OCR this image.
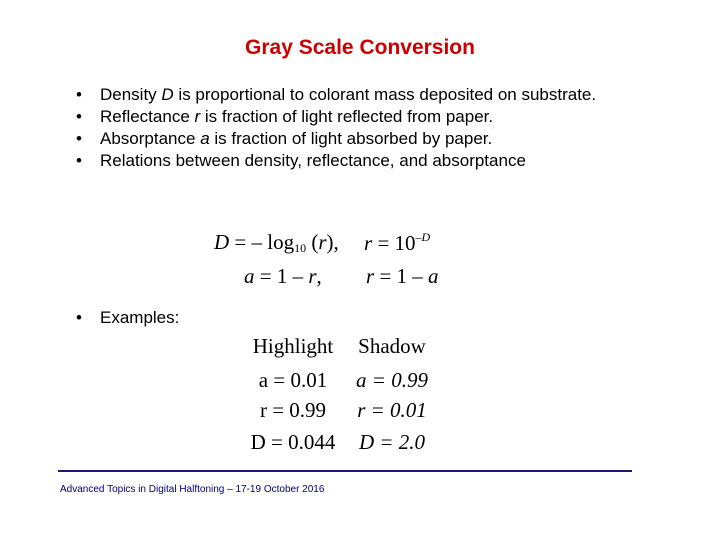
Gray Scale Conversion
• Density D is proportional to colorant mass deposited on substrate.
• Reflectance r is fraction of light reflected from paper.
• Absorptance a is fraction of light absorbed by paper.
• Relations between density, reflectance, and absorptance
D = – $\log_{10} (r)$, $r = 10^{-D}$
a = 1 – r, r = 1 – a
• Examples:
Highlight	Shadow
a = 0.01	a = 0.99
r = 0.99	r = 0.01
D = 0.044	D = 2.0
Advanced Topics in Digital Halftoning – 17-19 October 2016
